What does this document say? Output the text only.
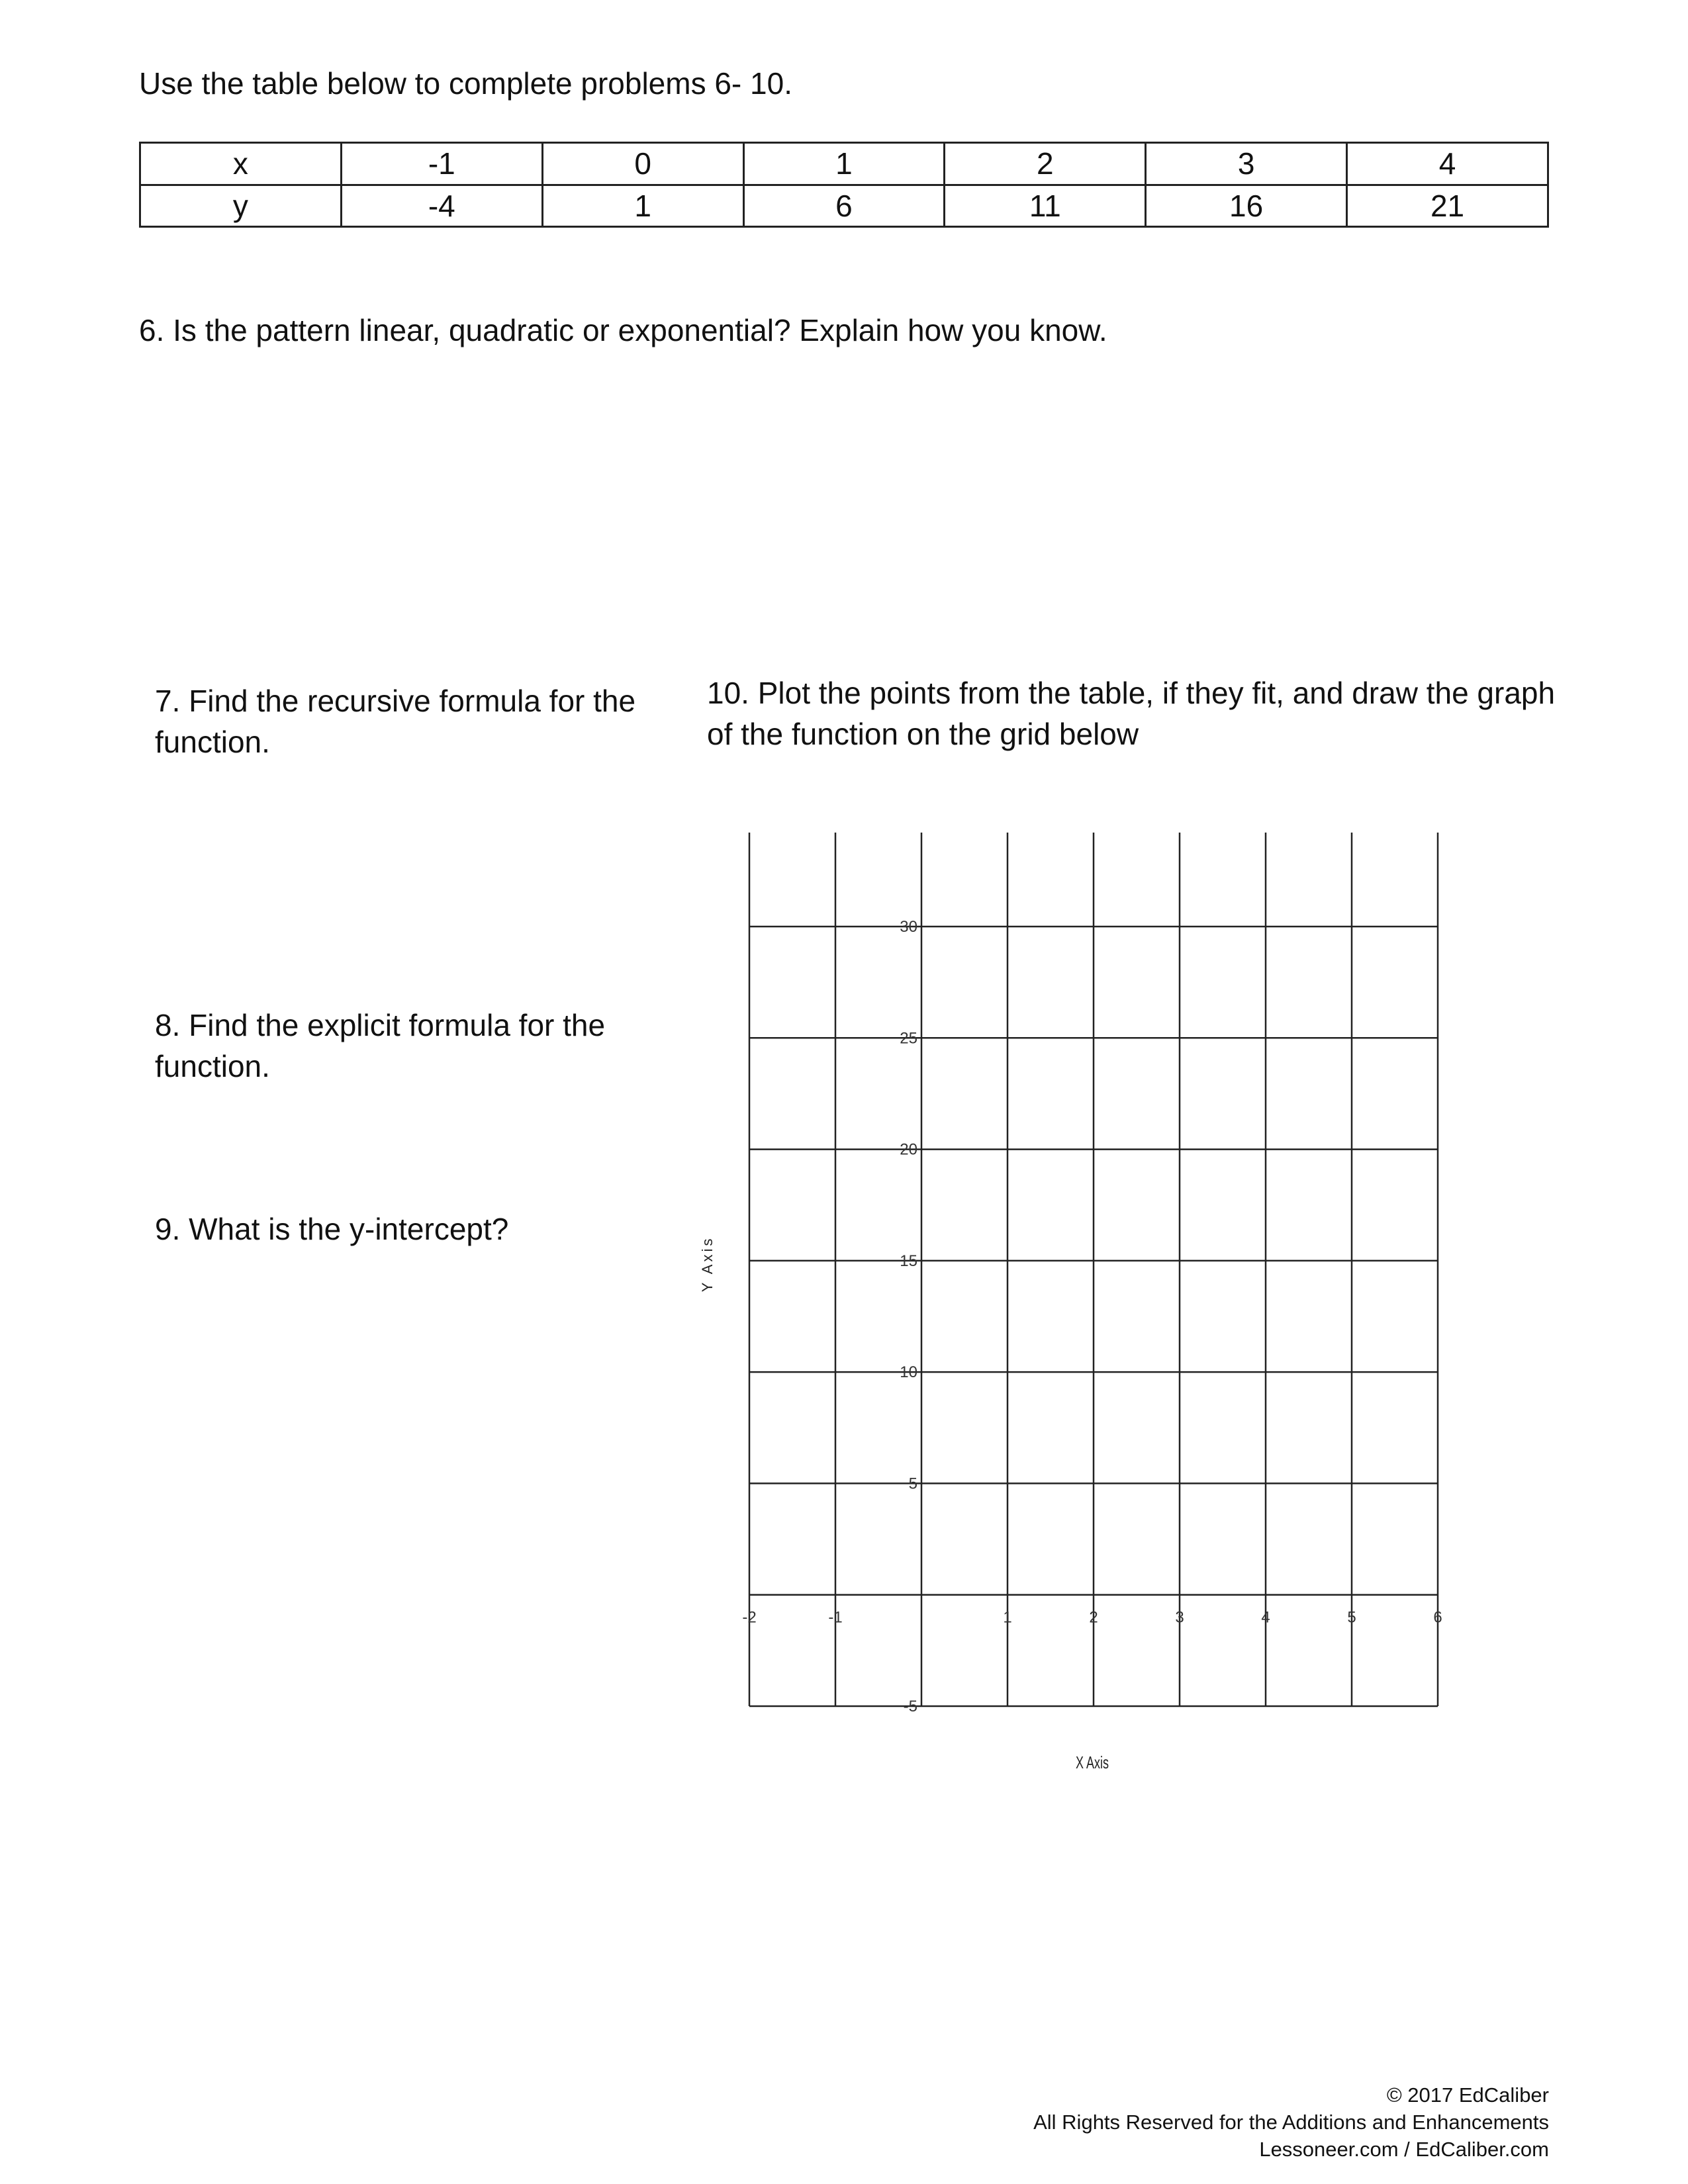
Use the table below to complete problems 6- 10.
x	-1	0	1	2	3	4
y	-4	1	6	11	16	21
6. Is the pattern linear, quadratic or exponential? Explain how you know.
7. Find the recursive formula for the function.
8. Find the explicit formula for the function.
9. What is the y-intercept?
10. Plot the points from the table, if they fit, and draw the graph of the function on the grid below
-2	-1	1	2	3	4	5	6
-5
5
10
15
20
25
30
X Axis
Y Axis
© 2017 EdCaliber
All Rights Reserved for the Additions and Enhancements
Lessoneer.com / EdCaliber.com
